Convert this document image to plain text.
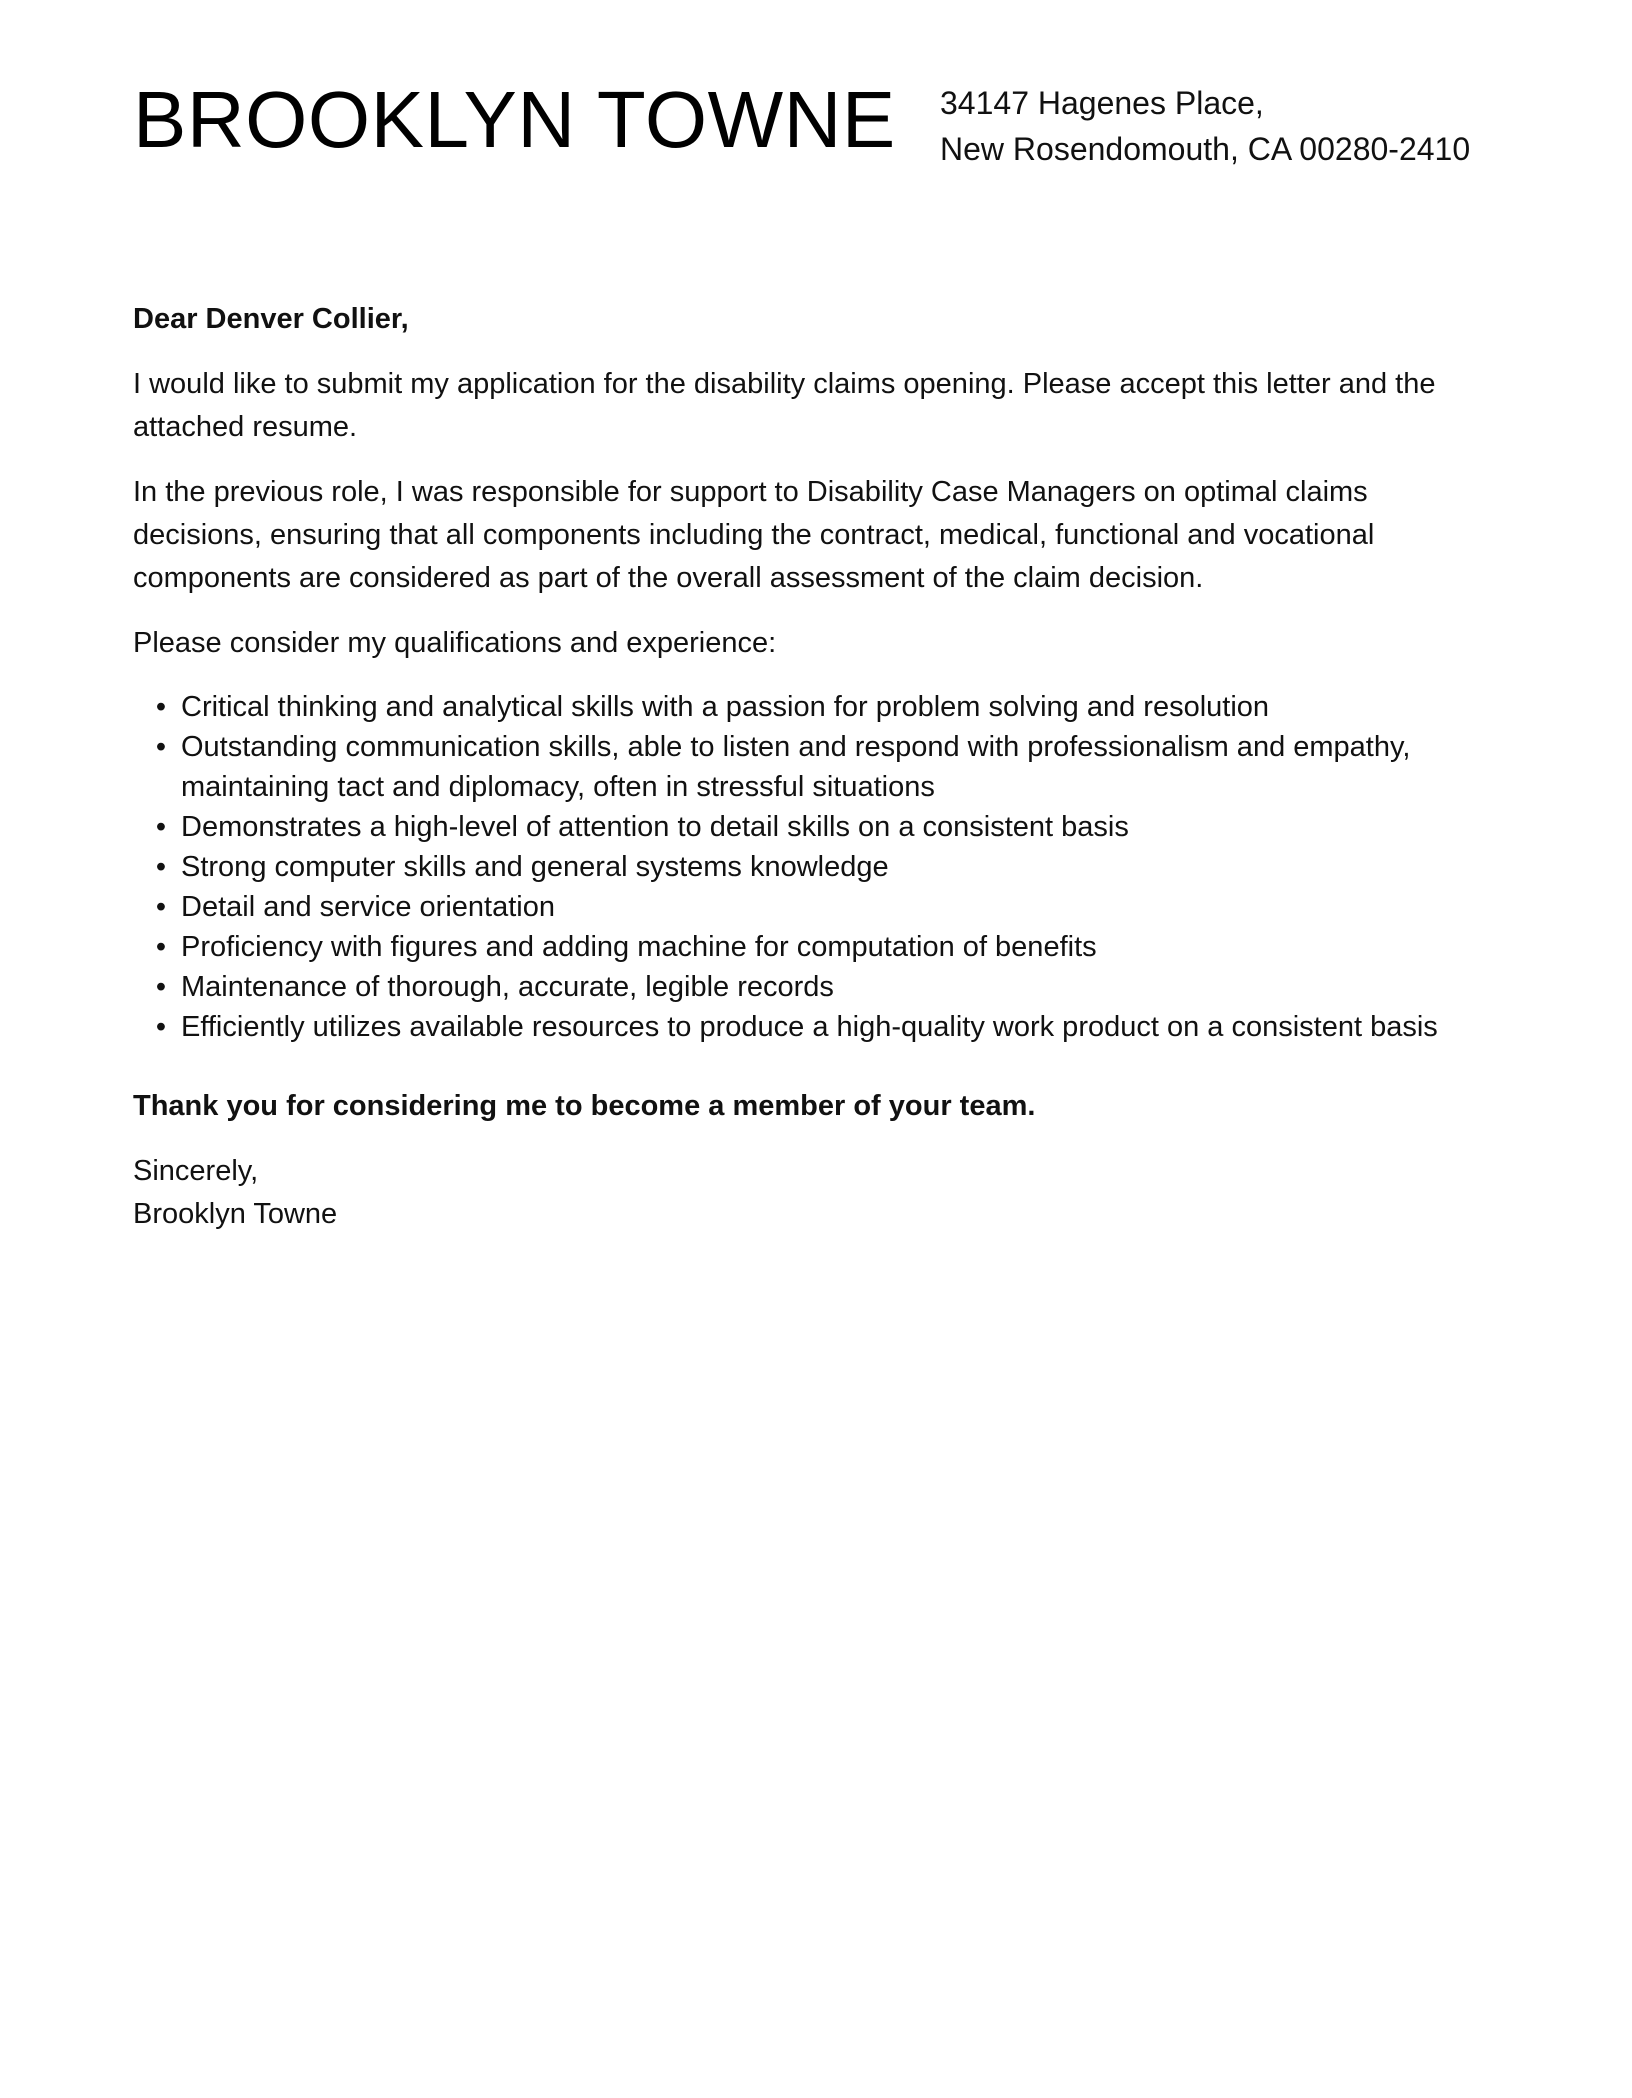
BROOKLYN TOWNE 34147 Hagenes Place,
New Rosendomouth, CA 00280-2410

Dear Denver Collier,

I would like to submit my application for the disability claims opening. Please accept this letter and the attached resume.

In the previous role, I was responsible for support to Disability Case Managers on optimal claims decisions, ensuring that all components including the contract, medical, functional and vocational components are considered as part of the overall assessment of the claim decision.

Please consider my qualifications and experience:

• Critical thinking and analytical skills with a passion for problem solving and resolution
• Outstanding communication skills, able to listen and respond with professionalism and empathy, maintaining tact and diplomacy, often in stressful situations
• Demonstrates a high-level of attention to detail skills on a consistent basis
• Strong computer skills and general systems knowledge
• Detail and service orientation
• Proficiency with figures and adding machine for computation of benefits
• Maintenance of thorough, accurate, legible records
• Efficiently utilizes available resources to produce a high-quality work product on a consistent basis

Thank you for considering me to become a member of your team.

Sincerely,
Brooklyn Towne
